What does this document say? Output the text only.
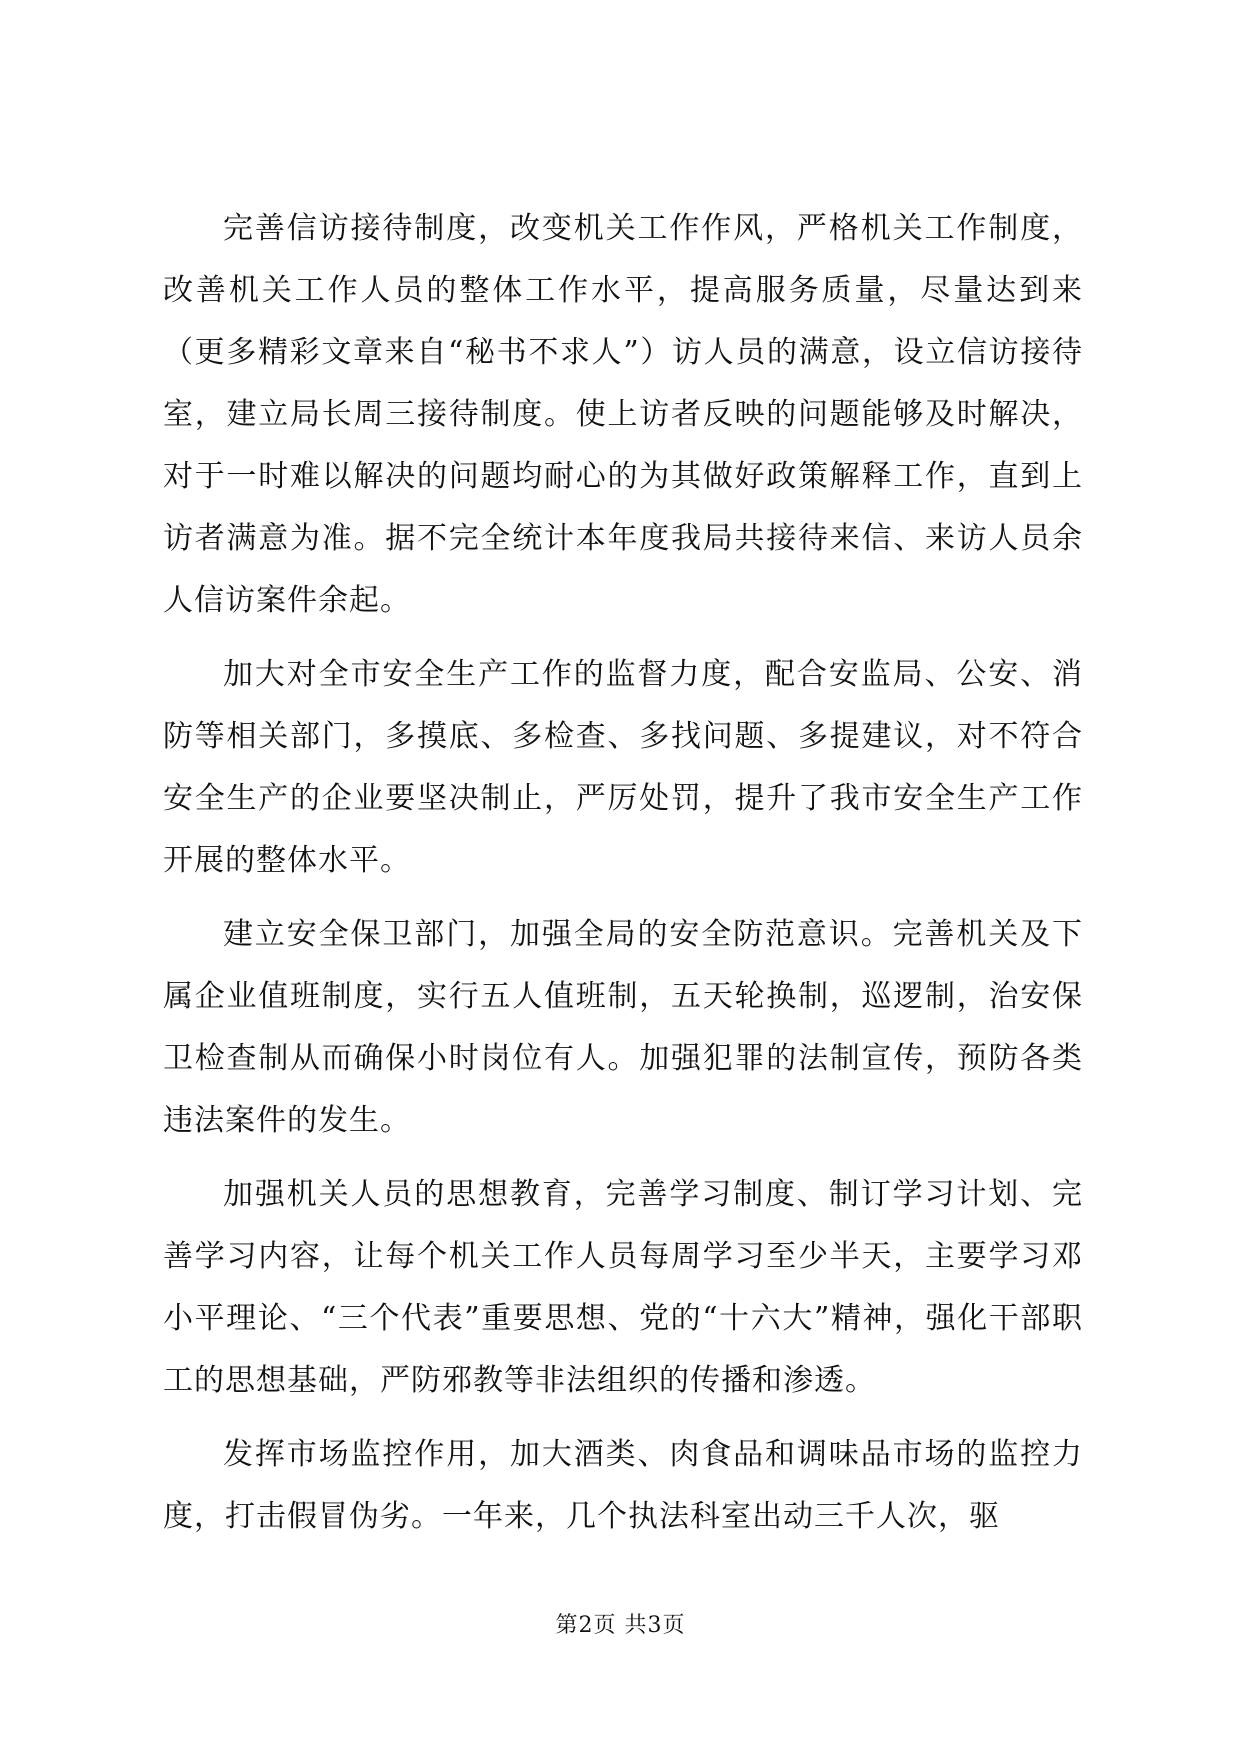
完善信访接待制度，改变机关工作作风，严格机关工作制度，改善机关工作人员的整体工作水平，提高服务质量，尽量达到来（更多精彩文章来自“秘书不求人”）访人员的满意，设立信访接待室，建立局长周三接待制度。使上访者反映的问题能够及时解决，对于一时难以解决的问题均耐心的为其做好政策解释工作，直到上访者满意为准。据不完全统计本年度我局共接待来信、来访人员余人信访案件余起。

加大对全市安全生产工作的监督力度，配合安监局、公安、消防等相关部门，多摸底、多检查、多找问题、多提建议，对不符合安全生产的企业要坚决制止，严厉处罚，提升了我市安全生产工作开展的整体水平。

建立安全保卫部门，加强全局的安全防范意识。完善机关及下属企业值班制度，实行五人值班制，五天轮换制，巡逻制，治安保卫检查制从而确保小时岗位有人。加强犯罪的法制宣传，预防各类违法案件的发生。

加强机关人员的思想教育，完善学习制度、制订学习计划、完善学习内容，让每个机关工作人员每周学习至少半天，主要学习邓小平理论、“三个代表”重要思想、党的“十六大”精神，强化干部职工的思想基础，严防邪教等非法组织的传播和渗透。

发挥市场监控作用，加大酒类、肉食品和调味品市场的监控力度，打击假冒伪劣。一年来，几个执法科室出动三千人次，驱

第2页 共3页
